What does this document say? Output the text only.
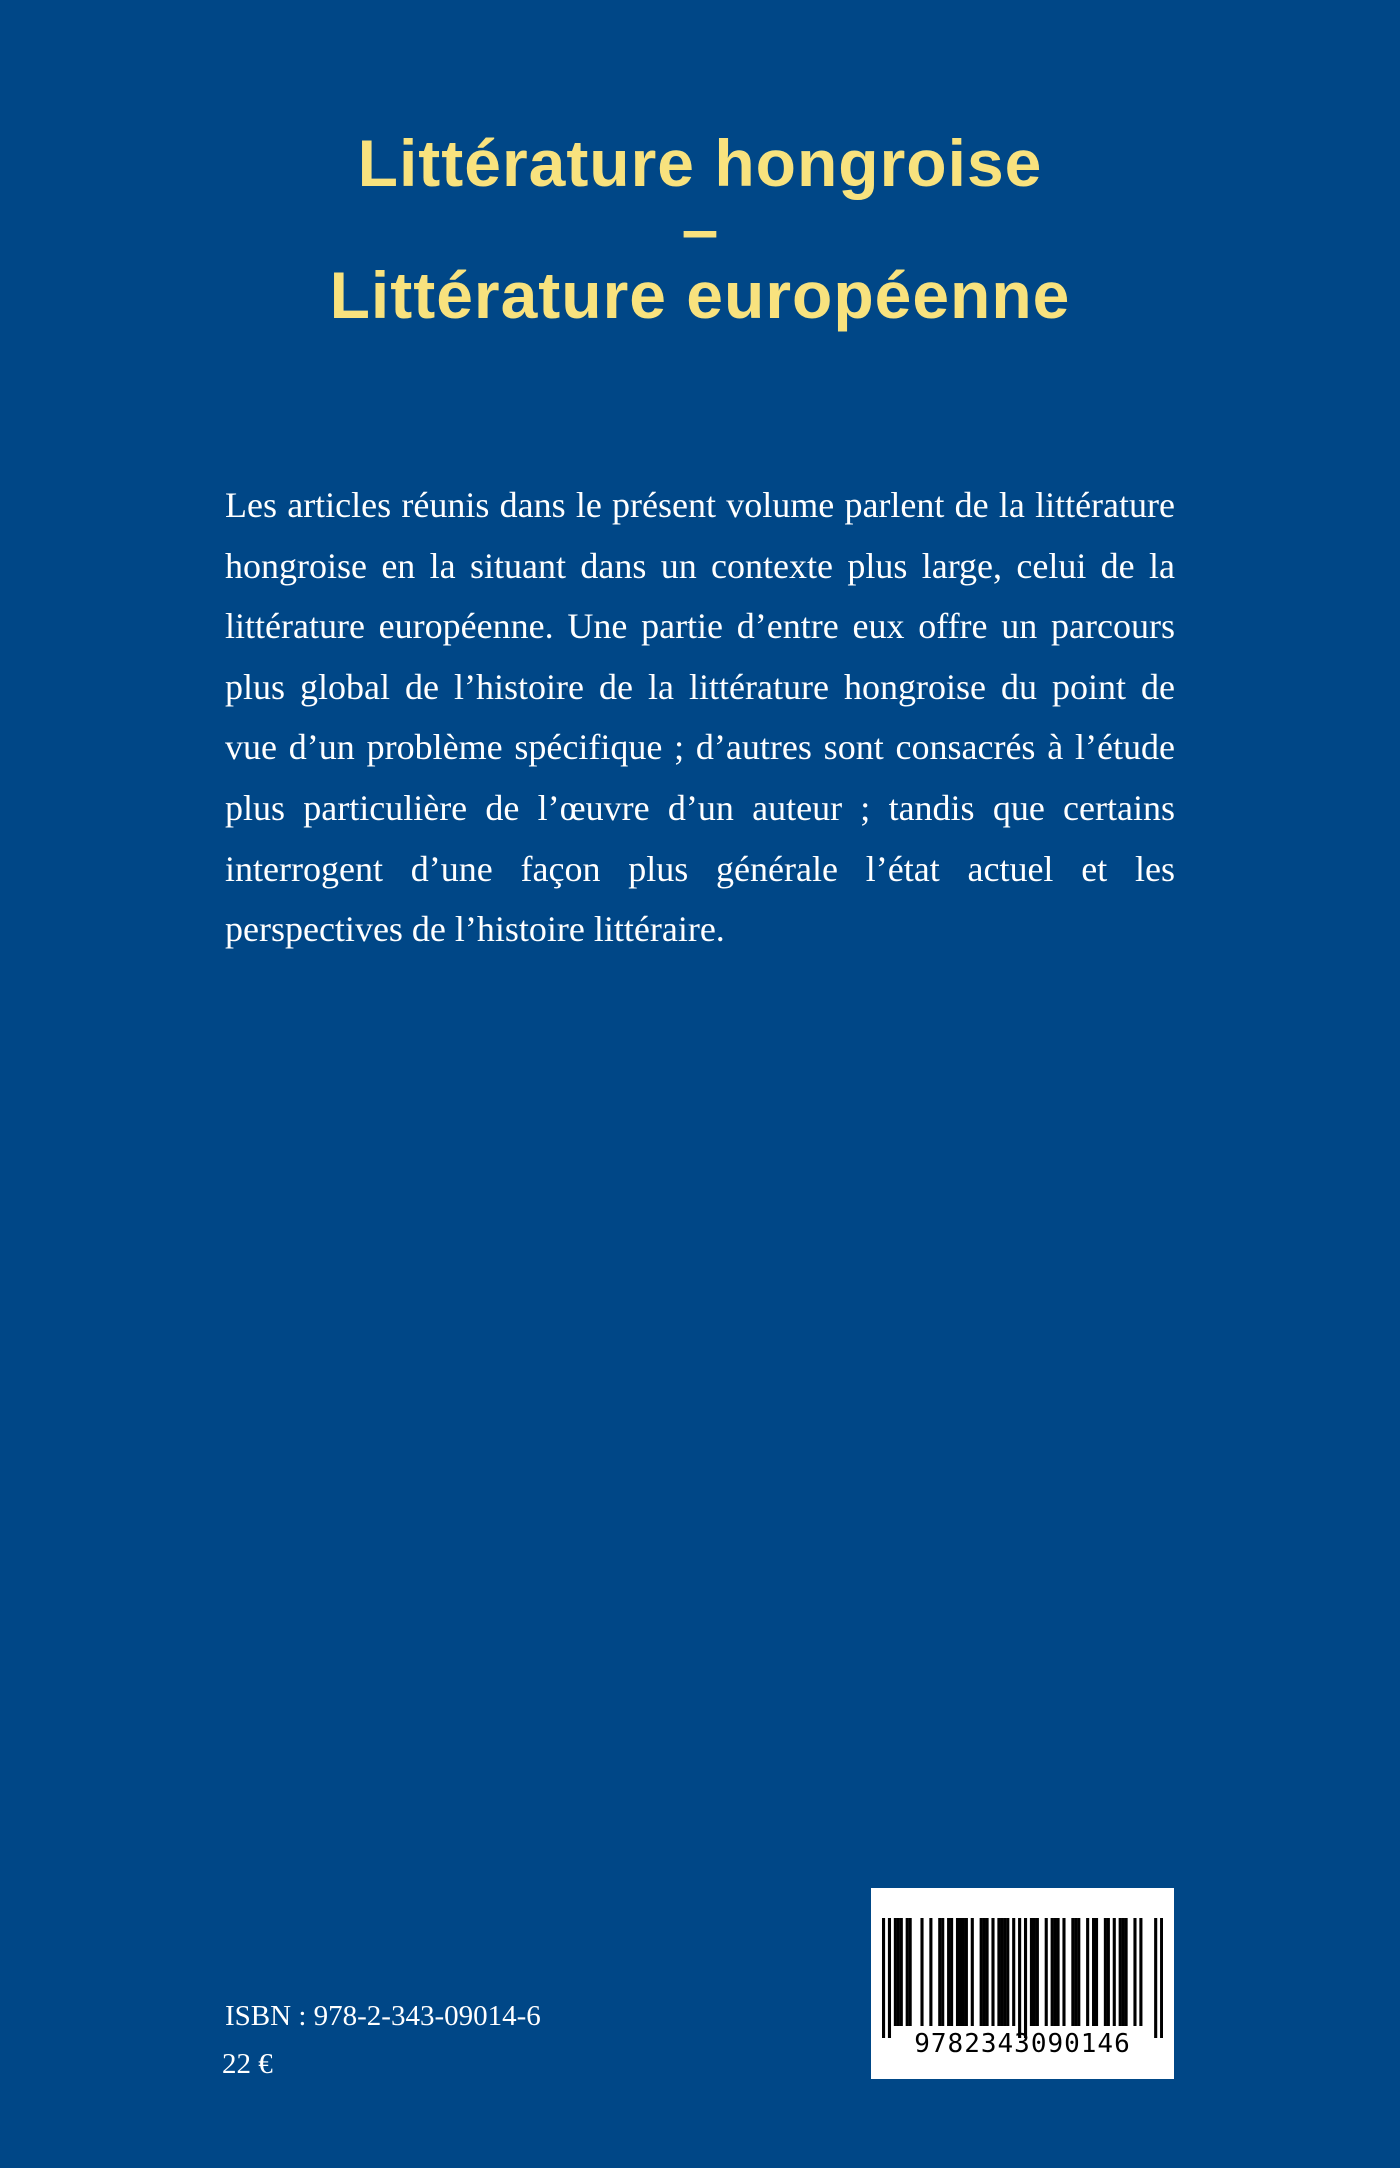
Littérature hongroise
–
Littérature européenne

Les articles réunis dans le présent volume parlent de la littérature hongroise en la situant dans un contexte plus large, celui de la littérature européenne. Une partie d’entre eux offre un parcours plus global de l’histoire de la littérature hongroise du point de vue d’un problème spécifique ; d’autres sont consacrés à l’étude plus particulière de l’œuvre d’un auteur ; tandis que certains interrogent d’une façon plus générale l’état actuel et les perspectives de l’histoire littéraire.

ISBN : 978-2-343-09014-6
22 €
9782343090146
